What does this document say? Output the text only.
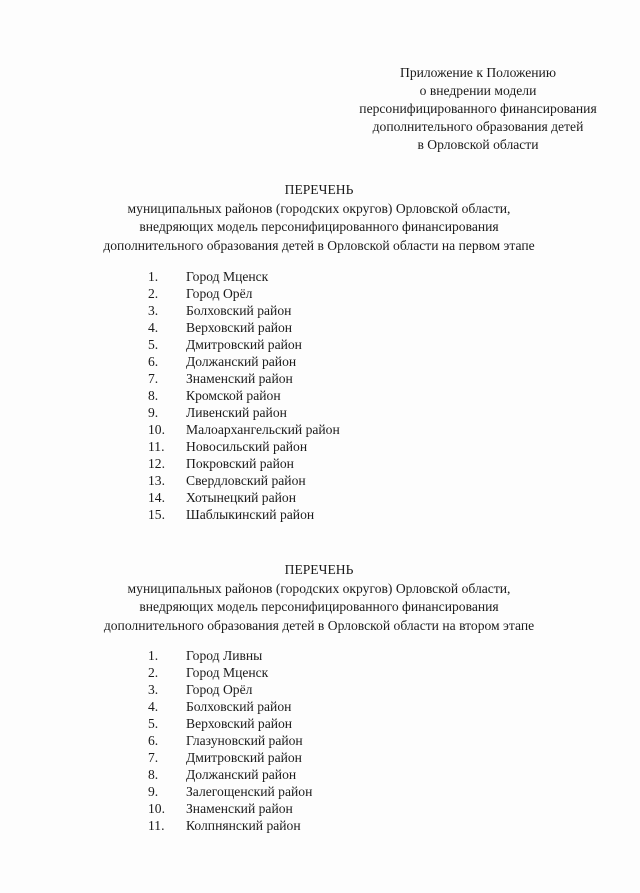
Приложение к Положению
о внедрении модели
персонифицированного финансирования
дополнительного образования детей
в Орловской области
ПЕРЕЧЕНЬ
муниципальных районов (городских округов) Орловской области,
внедряющих модель персонифицированного финансирования
дополнительного образования детей в Орловской области на первом этапе
1.	Город Мценск
2.	Город Орёл
3.	Болховский район
4.	Верховский район
5.	Дмитровский район
6.	Должанский район
7.	Знаменский район
8.	Кромской район
9.	Ливенский район
10.	Малоархангельский район
11.	Новосильский район
12.	Покровский район
13.	Свердловский район
14.	Хотынецкий район
15.	Шаблыкинский район
ПЕРЕЧЕНЬ
муниципальных районов (городских округов) Орловской области,
внедряющих модель персонифицированного финансирования
дополнительного образования детей в Орловской области на втором этапе
1.	Город Ливны
2.	Город Мценск
3.	Город Орёл
4.	Болховский район
5.	Верховский район
6.	Глазуновский район
7.	Дмитровский район
8.	Должанский район
9.	Залегощенский район
10.	Знаменский район
11.	Колпнянский район
